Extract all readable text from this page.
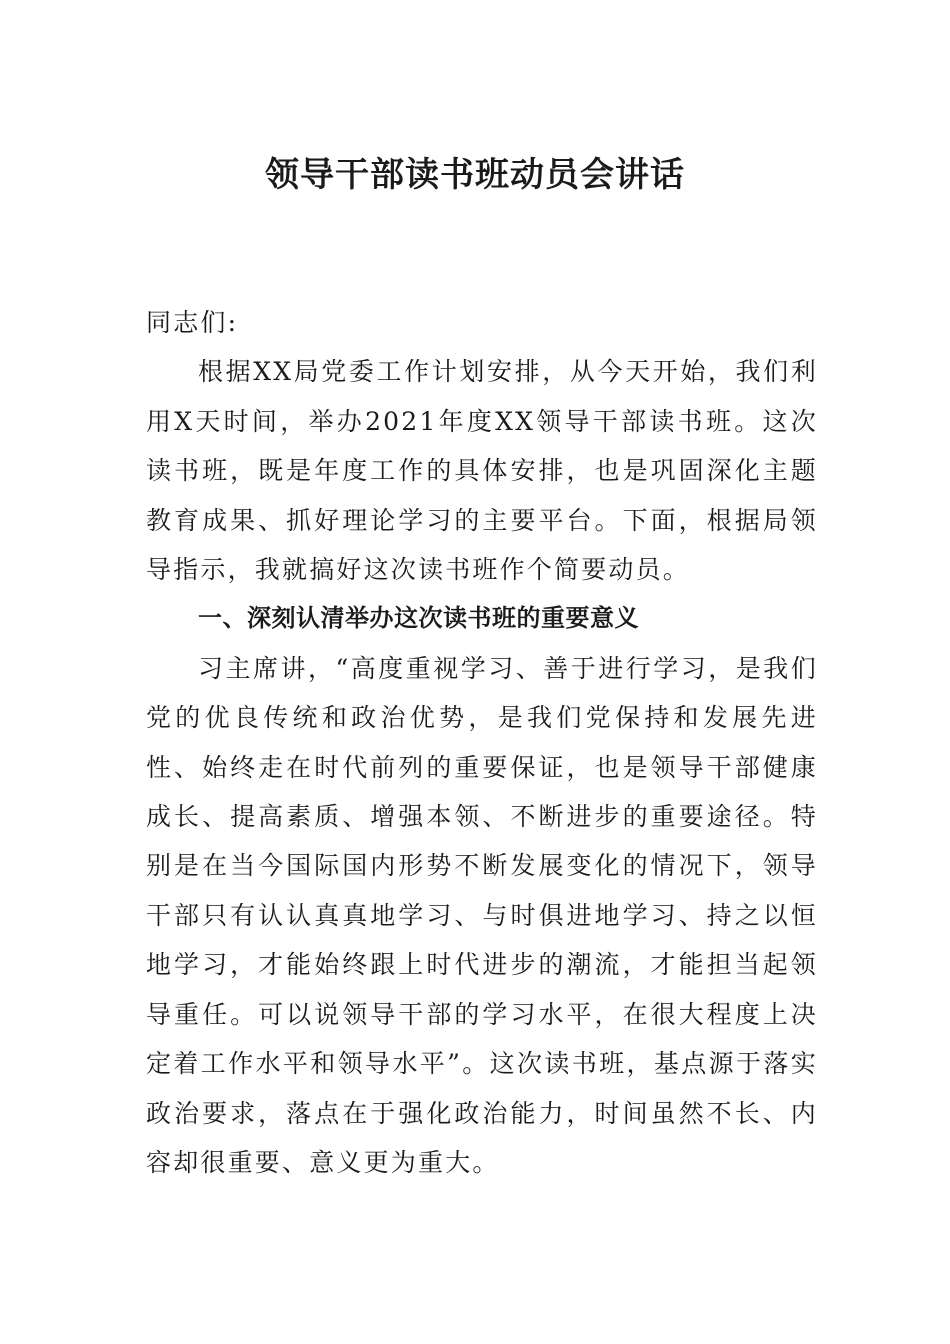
领导干部读书班动员会讲话

同志们:

根据XX局党委工作计划安排，从今天开始，我们利用X天时间，举办2021年度XX领导干部读书班。这次读书班，既是年度工作的具体安排，也是巩固深化主题教育成果、抓好理论学习的主要平台。下面，根据局领导指示，我就搞好这次读书班作个简要动员。

一、深刻认清举办这次读书班的重要意义

习主席讲，“高度重视学习、善于进行学习，是我们党的优良传统和政治优势，是我们党保持和发展先进性、始终走在时代前列的重要保证，也是领导干部健康成长、提高素质、增强本领、不断进步的重要途径。特别是在当今国际国内形势不断发展变化的情况下，领导干部只有认认真真地学习、与时俱进地学习、持之以恒地学习，才能始终跟上时代进步的潮流，才能担当起领导重任。可以说领导干部的学习水平，在很大程度上决定着工作水平和领导水平”。这次读书班，基点源于落实政治要求，落点在于强化政治能力，时间虽然不长、内容却很重要、意义更为重大。
